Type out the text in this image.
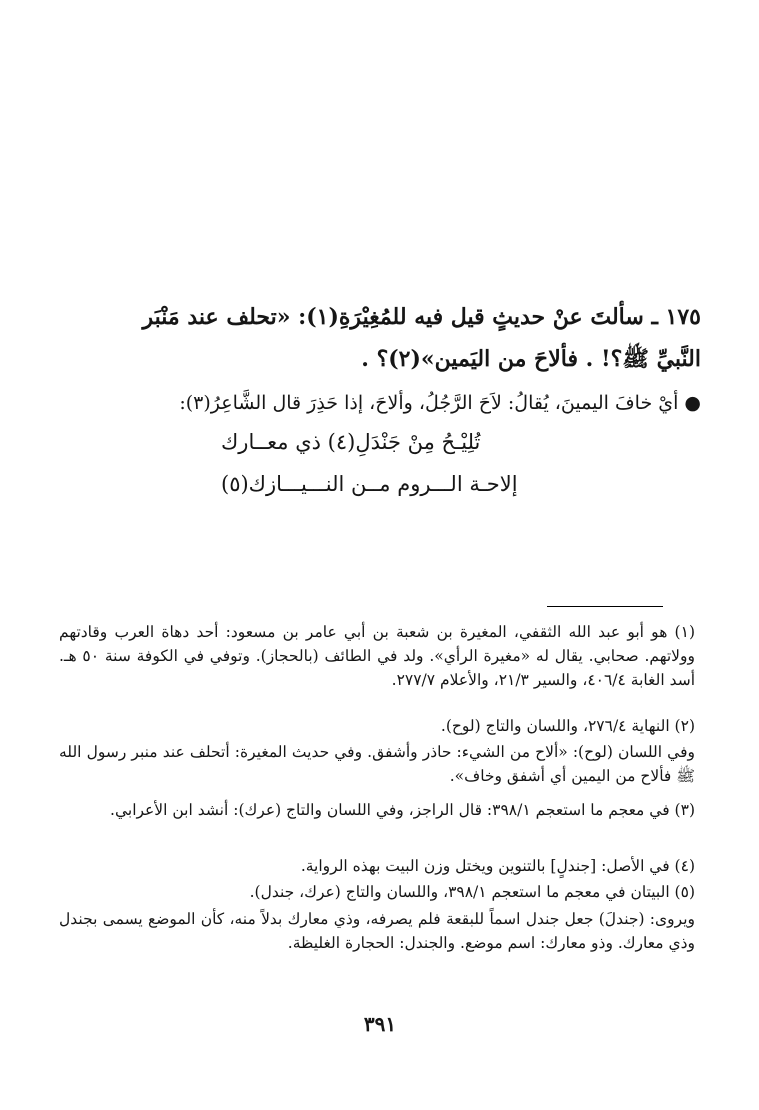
١٧٥ ـ سألتَ عنْ حديثٍ قيل فيه للمُغِيْرَةِ(١): «تحلف عند مَنْبَر
النَّبيِّ ﷺ؟! . فألاحَ من اليَمين»(٢)؟ .
● أيْ خافَ اليمينَ، يُقالُ: لاَحَ الرَّجُلُ، وألاحَ، إذا حَذِرَ قال الشَّاعِرُ(٣):
تُلِيْـحُ مِنْ جَنْدَلِ(٤) ذي معــارك
إلاحـة الـــروم مــن النـــيـــازك(٥)
(١) هو أبو عبد الله الثقفي، المغيرة بن شعبة بن أبي عامر بن مسعود: أحد دهاة العرب وقادتهم وولاتهم. صحابي. يقال له «مغيرة الرأي». ولد في الطائف (بالحجاز). وتوفي في الكوفة سنة ٥٠ هـ. أسد الغابة ٤٠٦/٤، والسير ٢١/٣، والأعلام ٢٧٧/٧.
(٢) النهاية ٢٧٦/٤، واللسان والتاج (لوح).
وفي اللسان (لوح): «ألاح من الشيء: حاذر وأشفق. وفي حديث المغيرة: أتحلف عند منبر رسول الله ﷺ فألاح من اليمين أي أشفق وخاف».
(٣) في معجم ما استعجم ٣٩٨/١: قال الراجز، وفي اللسان والتاج (عرك): أنشد ابن الأعرابي.
(٤) في الأصل: [جندلٍ] بالتنوين ويختل وزن البيت بهذه الرواية.
(٥) البيتان في معجم ما استعجم ٣٩٨/١، واللسان والتاج (عرك، جندل).
ويروى: (جندلَ) جعل جندل اسماً للبقعة فلم يصرفه، وذي معارك بدلاً منه، كأن الموضع يسمى بجندل وذي معارك. وذو معارك: اسم موضع. والجندل: الحجارة الغليظة.
٣٩١
